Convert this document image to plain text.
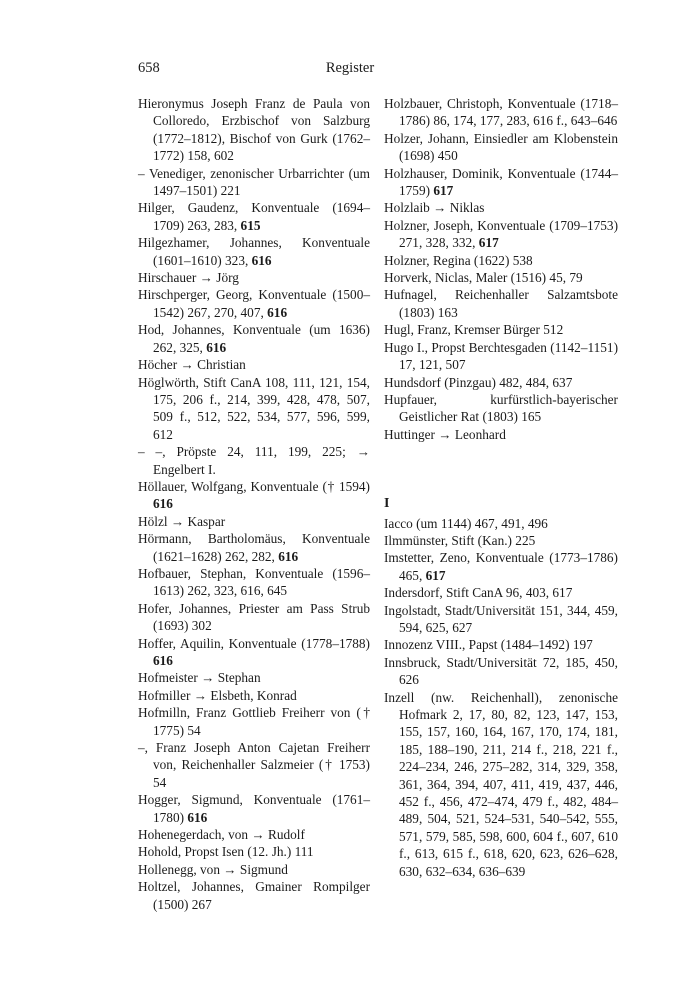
658	Register
Hieronymus Joseph Franz de Paula von Colloredo, Erzbischof von Salzburg (1772–1812), Bischof von Gurk (1762–1772) 158, 602
– Venediger, zenonischer Urbarrichter (um 1497–1501) 221
Hilger, Gaudenz, Konventuale (1694–1709) 263, 283, 615
Hilgezhamer, Johannes, Konventuale (1601–1610) 323, 616
Hirschauer → Jörg
Hirschperger, Georg, Konventuale (1500–1542) 267, 270, 407, 616
Hod, Johannes, Konventuale (um 1636) 262, 325, 616
Höcher → Christian
Höglwörth, Stift CanA 108, 111, 121, 154, 175, 206 f., 214, 399, 428, 478, 507, 509 f., 512, 522, 534, 577, 596, 599, 612
– –, Pröpste 24, 111, 199, 225; → Engelbert I.
Höllauer, Wolfgang, Konventuale († 1594) 616
Hölzl → Kaspar
Hörmann, Bartholomäus, Konventuale (1621–1628) 262, 282, 616
Hofbauer, Stephan, Konventuale (1596–1613) 262, 323, 616, 645
Hofer, Johannes, Priester am Pass Strub (1693) 302
Hoffer, Aquilin, Konventuale (1778–1788) 616
Hofmeister → Stephan
Hofmiller → Elsbeth, Konrad
Hofmilln, Franz Gottlieb Freiherr von († 1775) 54
–, Franz Joseph Anton Cajetan Freiherr von, Reichenhaller Salzmeier († 1753) 54
Hogger, Sigmund, Konventuale (1761–1780) 616
Hohenegerdach, von → Rudolf
Hohold, Propst Isen (12. Jh.) 111
Hollenegg, von → Sigmund
Holtzel, Johannes, Gmainer Rompilger (1500) 267
Holzbauer, Christoph, Konventuale (1718–1786) 86, 174, 177, 283, 616 f., 643–646
Holzer, Johann, Einsiedler am Klobenstein (1698) 450
Holzhauser, Dominik, Konventuale (1744–1759) 617
Holzlaib → Niklas
Holzner, Joseph, Konventuale (1709–1753) 271, 328, 332, 617
Holzner, Regina (1622) 538
Horverk, Niclas, Maler (1516) 45, 79
Hufnagel, Reichenhaller Salzamtsbote (1803) 163
Hugl, Franz, Kremser Bürger 512
Hugo I., Propst Berchtesgaden (1142–1151) 17, 121, 507
Hundsdorf (Pinzgau) 482, 484, 637
Hupfauer, kurfürstlich-bayerischer Geistlicher Rat (1803) 165
Huttinger → Leonhard
I
Iacco (um 1144) 467, 491, 496
Ilmmünster, Stift (Kan.) 225
Imstetter, Zeno, Konventuale (1773–1786) 465, 617
Indersdorf, Stift CanA 96, 403, 617
Ingolstadt, Stadt/Universität 151, 344, 459, 594, 625, 627
Innozenz VIII., Papst (1484–1492) 197
Innsbruck, Stadt/Universität 72, 185, 450, 626
Inzell (nw. Reichenhall), zenonische Hofmark 2, 17, 80, 82, 123, 147, 153, 155, 157, 160, 164, 167, 170, 174, 181, 185, 188–190, 211, 214 f., 218, 221 f., 224–234, 246, 275–282, 314, 329, 358, 361, 364, 394, 407, 411, 419, 437, 446, 452 f., 456, 472–474, 479 f., 482, 484–489, 504, 521, 524–531, 540–542, 555, 571, 579, 585, 598, 600, 604 f., 607, 610 f., 613, 615 f., 618, 620, 623, 626–628, 630, 632–634, 636–639
